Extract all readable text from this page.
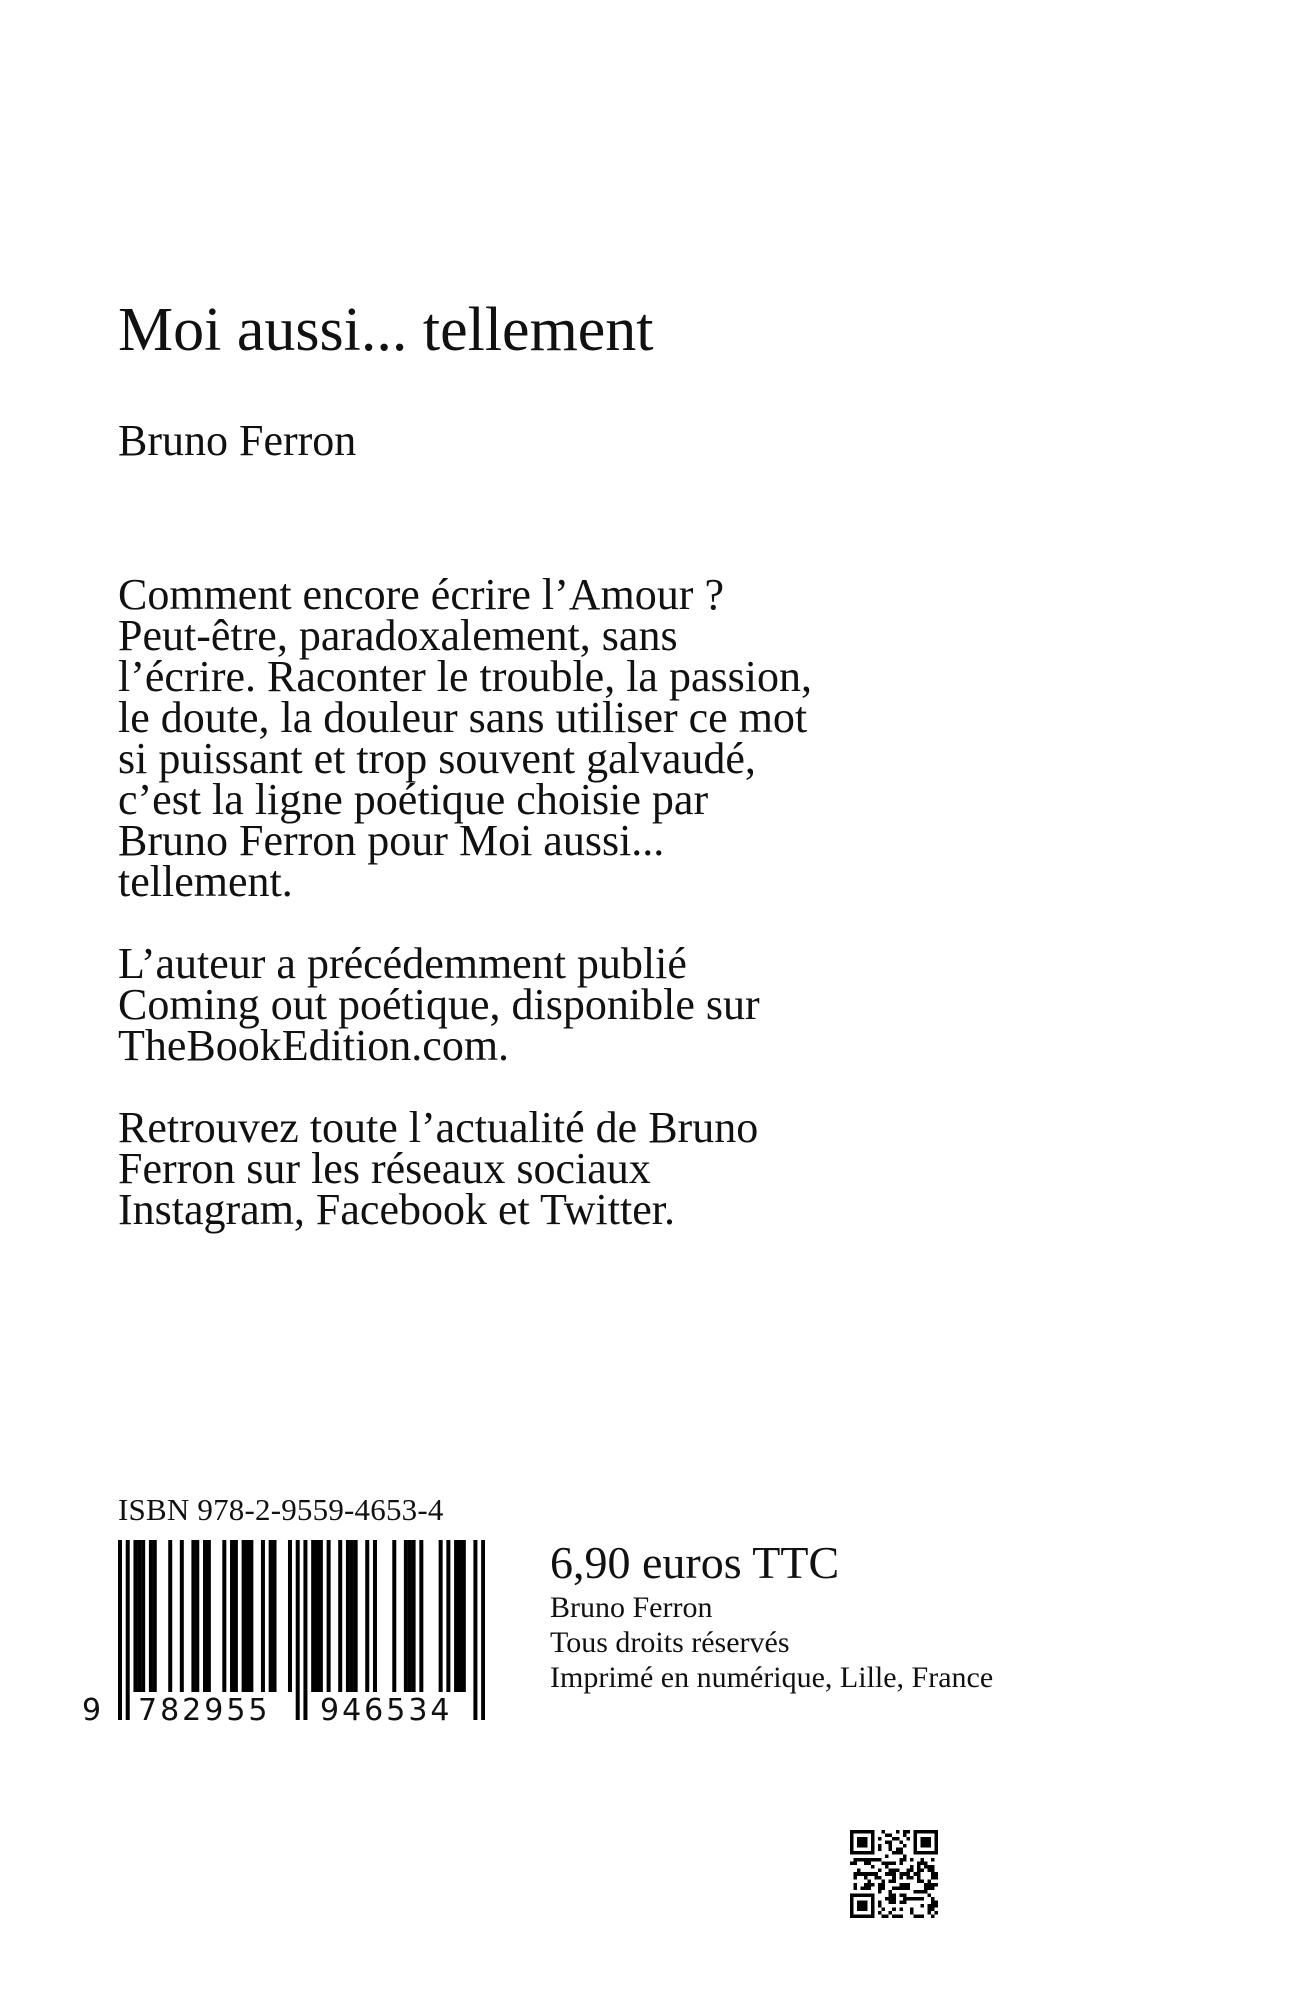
Moi aussi... tellement
Bruno Ferron
Comment encore écrire l’Amour ?
Peut-être, paradoxalement, sans
l’écrire. Raconter le trouble, la passion,
le doute, la douleur sans utiliser ce mot
si puissant et trop souvent galvaudé,
c’est la ligne poétique choisie par
Bruno Ferron pour Moi aussi...
tellement.
L’auteur a précédemment publié
Coming out poétique, disponible sur
TheBookEdition.com.
Retrouvez toute l’actualité de Bruno
Ferron sur les réseaux sociaux
Instagram, Facebook et Twitter.
ISBN 978-2-9559-4653-4
9 782955 946534
6,90 euros TTC
Bruno Ferron
Tous droits réservés
Imprimé en numérique, Lille, France
